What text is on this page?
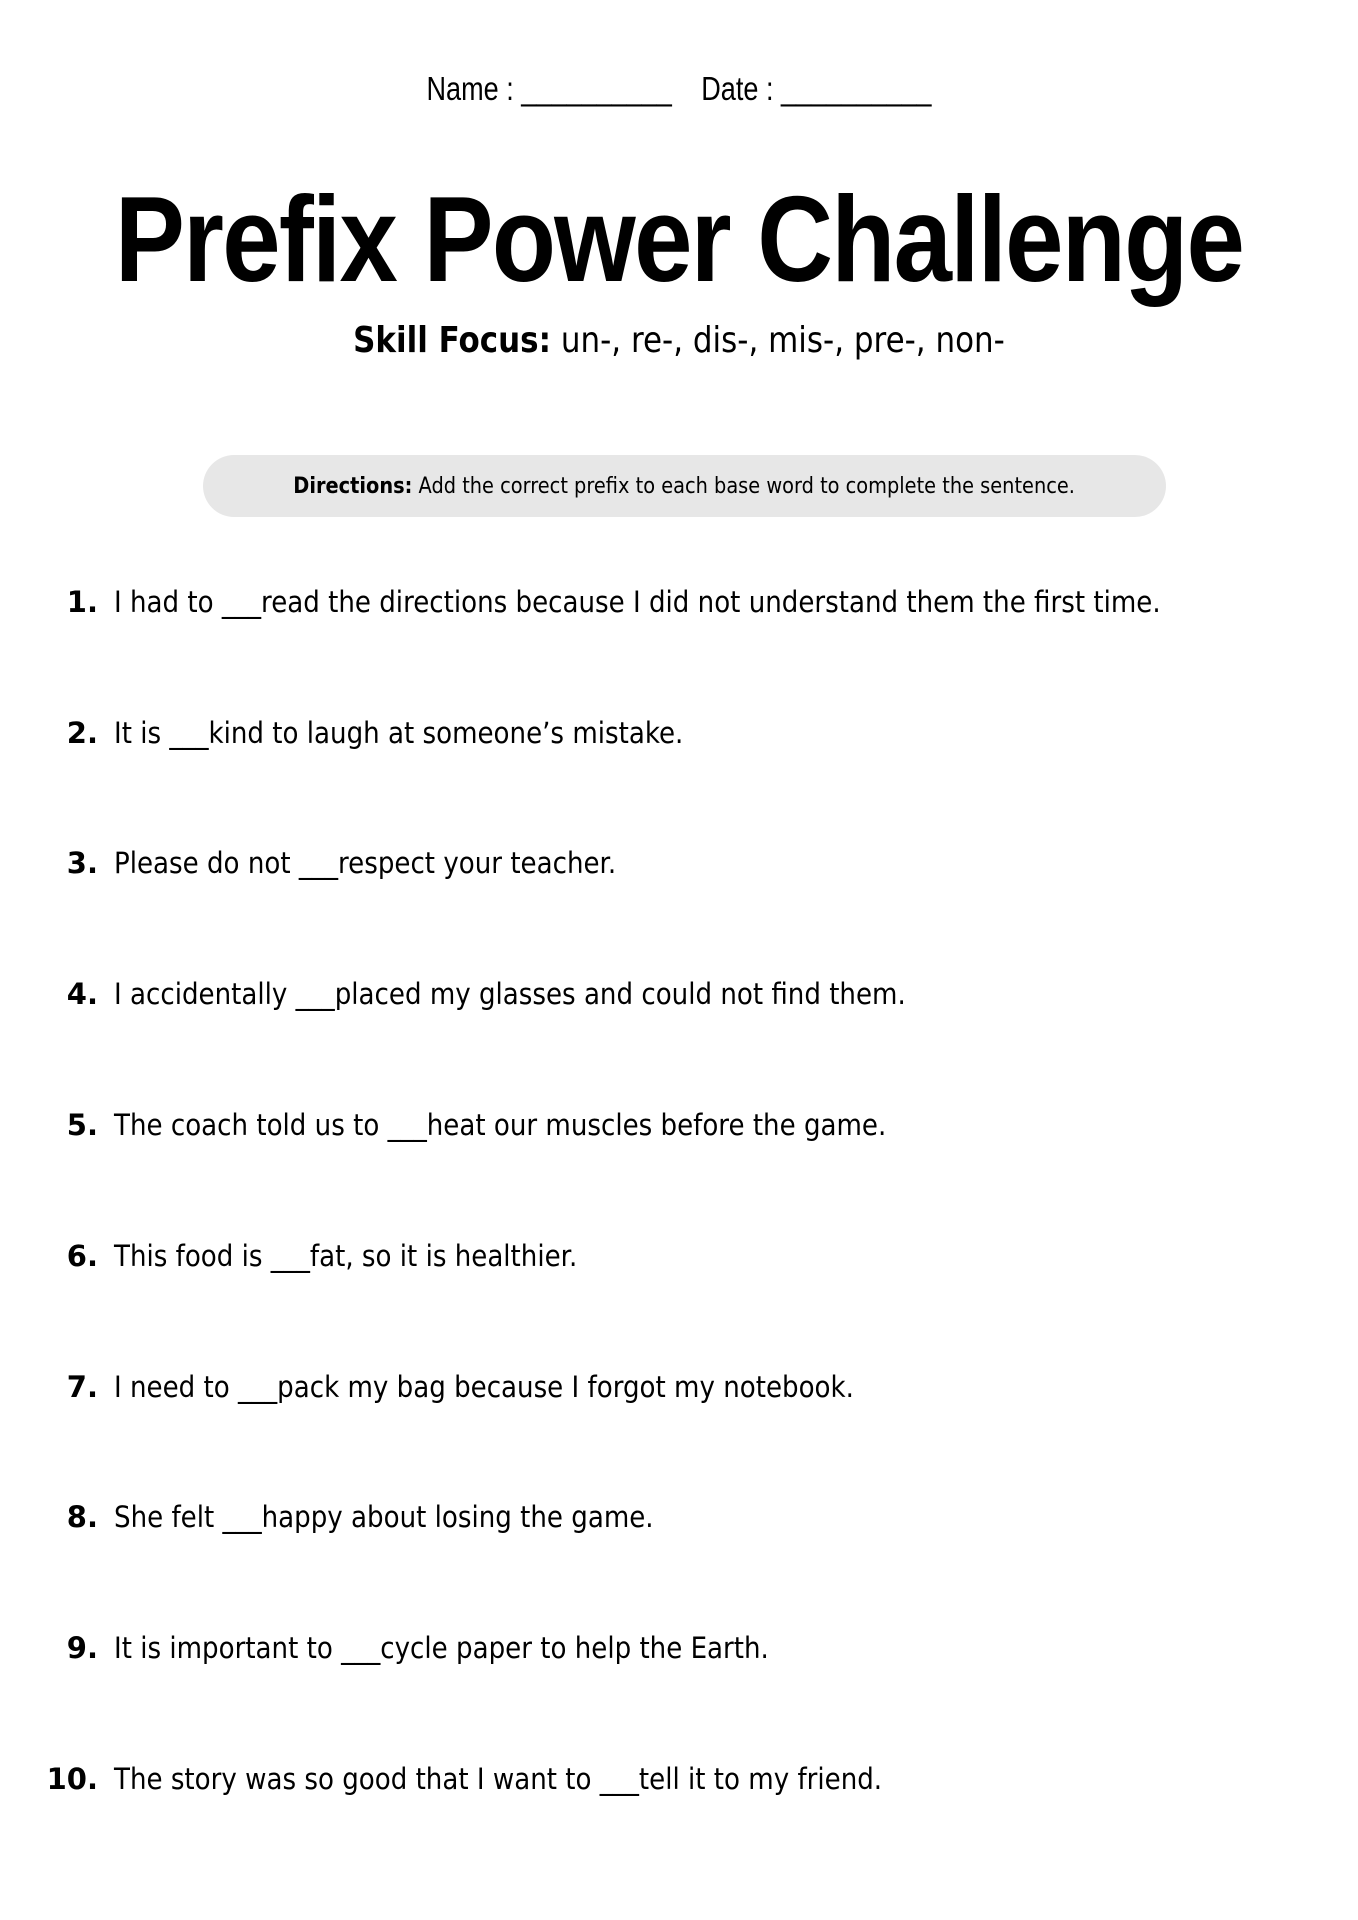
Name : __________ Date : __________
Prefix Power Challenge
Skill Focus: un-, re-, dis-, mis-, pre-, non-
Directions: Add the correct prefix to each base word to complete the sentence.
1. I had to ___read the directions because I did not understand them the first time.
2. It is ___kind to laugh at someone’s mistake.
3. Please do not ___respect your teacher.
4. I accidentally ___placed my glasses and could not find them.
5. The coach told us to ___heat our muscles before the game.
6. This food is ___fat, so it is healthier.
7. I need to ___pack my bag because I forgot my notebook.
8. She felt ___happy about losing the game.
9. It is important to ___cycle paper to help the Earth.
10. The story was so good that I want to ___tell it to my friend.
